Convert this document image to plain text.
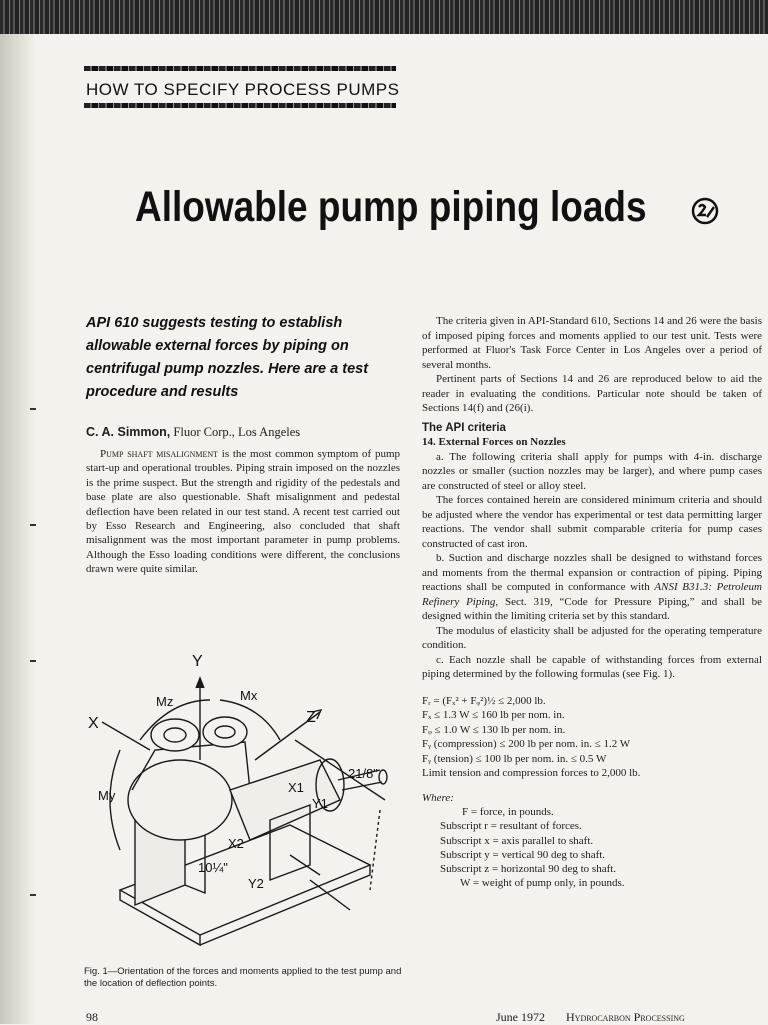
HOW TO SPECIFY PROCESS PUMPS
Allowable pump piping loads
API 610 suggests testing to establish allowable external forces by piping on centrifugal pump nozzles. Here are a test procedure and results
C. A. Simmon, Fluor Corp., Los Angeles

Pump shaft misalignment is the most common symptom of pump start-up and operational troubles. Piping strain imposed on the nozzles is the prime suspect. But the strength and rigidity of the pedestals and base plate are also questionable. Shaft misalignment and pedestal deflection have been related in our test stand. A recent test carried out by Esso Research and Engineering, also concluded that shaft misalignment was the most important parameter in pump problems. Although the Esso loading conditions were different, the conclusions drawn were quite similar.

Y
X	Z
Mz	Mx
My
21/8"
10¼"
X1
Y1
X2
Y2
Fig. 1—Orientation of the forces and moments applied to the test pump and the location of deflection points.

The criteria given in API-Standard 610, Sections 14 and 26 were the basis of imposed piping forces and moments applied to our test unit. Tests were performed at Fluor's Task Force Center in Los Angeles over a period of several months.

Pertinent parts of Sections 14 and 26 are reproduced below to aid the reader in evaluating the conditions. Particular note should be taken of Sections 14(f) and (26(i).

The API criteria
14. External Forces on Nozzles

a. The following criteria shall apply for pumps with 4-in. discharge nozzles or smaller (suction nozzles may be larger), and where pump cases are constructed of steel or alloy steel.

The forces contained herein are considered minimum criteria and should be adjusted where the vendor has experimental or test data permitting larger reactions. The vendor shall submit comparable criteria for pump cases constructed of cast iron.

b. Suction and discharge nozzles shall be designed to withstand forces and moments from the thermal expansion or contraction of piping. Piping reactions shall be computed in conformance with ANSI B31.3: Petroleum Refinery Piping, Sect. 319, “Code for Pressure Piping,” and shall be designed within the limiting criteria set by this standard.

The modulus of elasticity shall be adjusted for the operating temperature condition.

c. Each nozzle shall be capable of withstanding forces from external piping determined by the following formulas (see Fig. 1).

Fᵣ = (Fₓ² + Fᵩ²)½ ≤ 2,000 lb.
Fₓ ≤ 1.3 W ≤ 160 lb per nom. in.
Fᵩ ≤ 1.0 W ≤ 130 lb per nom. in.
Fᵧ (compression) ≤ 200 lb per nom. in. ≤ 1.2 W
Fᵧ (tension) ≤ 100 lb per nom. in. ≤ 0.5 W
Limit tension and compression forces to 2,000 lb.
Where:
F = force, in pounds.
Subscript r = resultant of forces.
Subscript x = axis parallel to shaft.
Subscript y = vertical 90 deg to shaft.
Subscript z = horizontal 90 deg to shaft.
W = weight of pump only, in pounds.
98	June 1972 Hydrocarbon Processing
